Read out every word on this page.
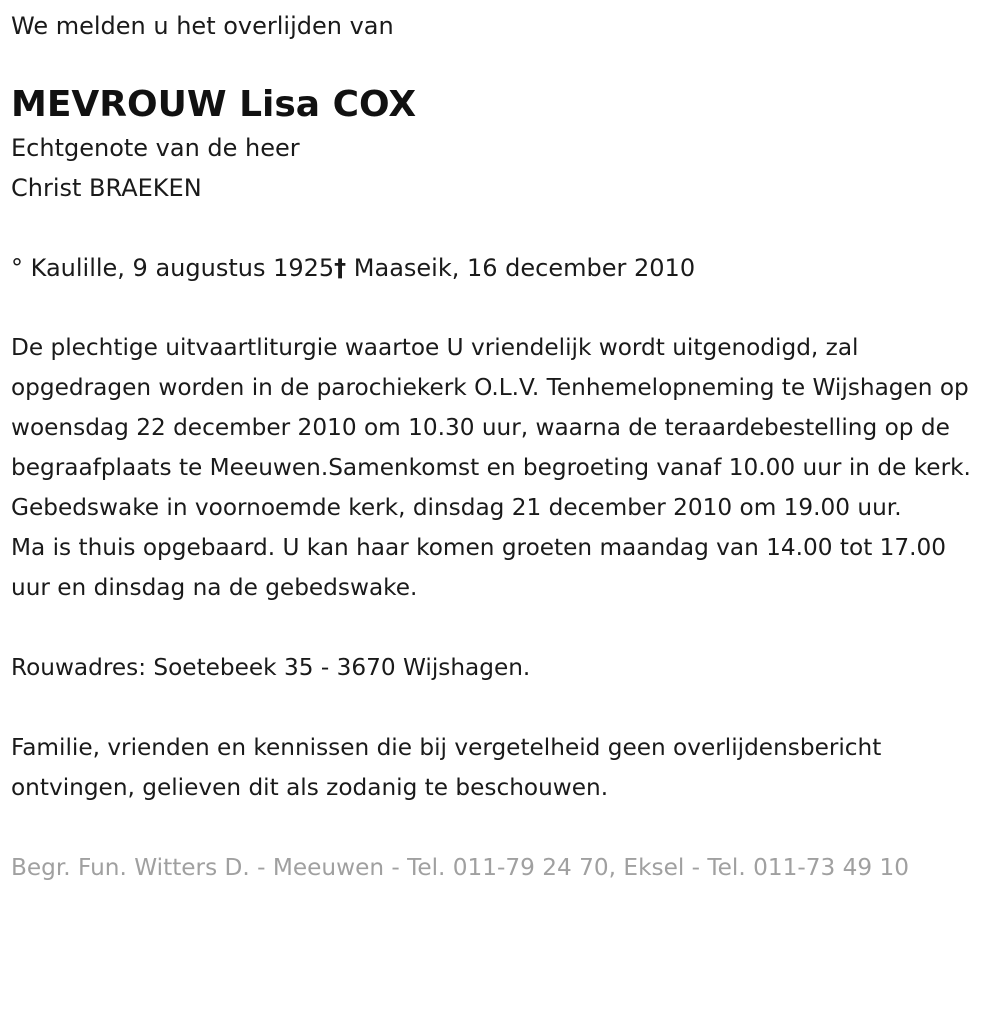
We melden u het overlijden van
MEVROUW Lisa COX
Echtgenote van de heer
Christ BRAEKEN
° Kaulille, 9 augustus 1925† Maaseik, 16 december 2010
De plechtige uitvaartliturgie waartoe U vriendelijk wordt uitgenodigd, zal opgedragen worden in de parochiekerk O.L.V. Tenhemelopneming te Wijshagen op woensdag 22 december 2010 om 10.30 uur, waarna de teraardebestelling op de begraafplaats te Meeuwen.Samenkomst en begroeting vanaf 10.00 uur in de kerk.
Gebedswake in voornoemde kerk, dinsdag 21 december 2010 om 19.00 uur.
Ma is thuis opgebaard. U kan haar komen groeten maandag van 14.00 tot 17.00 uur en dinsdag na de gebedswake.
Rouwadres: Soetebeek 35 - 3670 Wijshagen.
Familie, vrienden en kennissen die bij vergetelheid geen overlijdensbericht ontvingen, gelieven dit als zodanig te beschouwen.
Begr. Fun. Witters D. - Meeuwen - Tel. 011-79 24 70, Eksel - Tel. 011-73 49 10
